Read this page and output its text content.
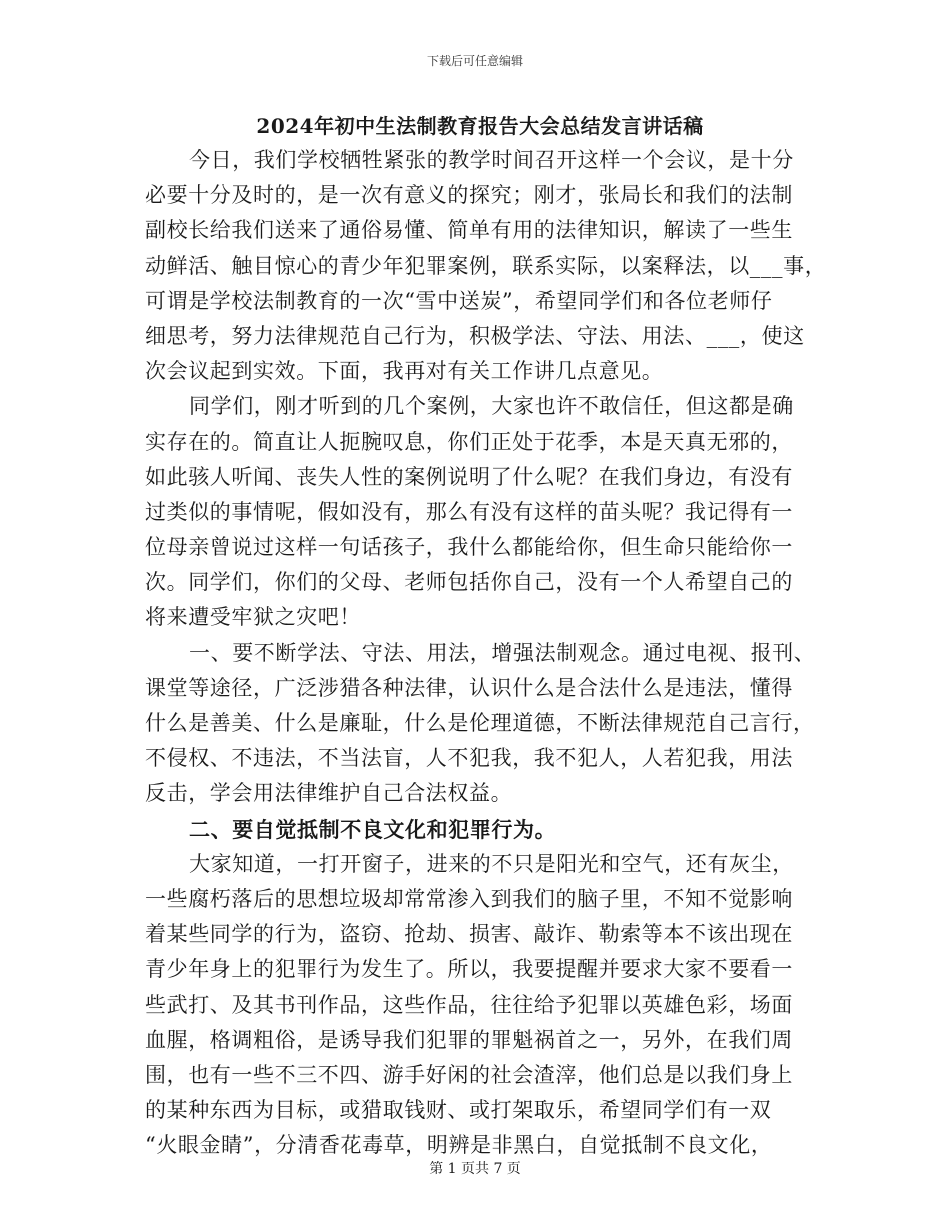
下载后可任意编辑

2024年初中生法制教育报告大会总结发言讲话稿
今日，我们学校牺牲紧张的教学时间召开这样一个会议，是十分
必要十分及时的，是一次有意义的探究；刚才，张局长和我们的法制
副校长给我们送来了通俗易懂、简单有用的法律知识，解读了一些生
动鲜活、触目惊心的青少年犯罪案例，联系实际，以案释法，以___事，
可谓是学校法制教育的一次“雪中送炭”，希望同学们和各位老师仔
细思考，努力法律规范自己行为，积极学法、守法、用法、___，使这
次会议起到实效。下面，我再对有关工作讲几点意见。
同学们，刚才听到的几个案例，大家也许不敢信任，但这都是确
实存在的。简直让人扼腕叹息，你们正处于花季，本是天真无邪的，
如此骇人听闻、丧失人性的案例说明了什么呢？在我们身边，有没有
过类似的事情呢，假如没有，那么有没有这样的苗头呢？我记得有一
位母亲曾说过这样一句话孩子，我什么都能给你，但生命只能给你一
次。同学们，你们的父母、老师包括你自己，没有一个人希望自己的
将来遭受牢狱之灾吧！
一、要不断学法、守法、用法，增强法制观念。通过电视、报刊、
课堂等途径，广泛涉猎各种法律，认识什么是合法什么是违法，懂得
什么是善美、什么是廉耻，什么是伦理道德，不断法律规范自己言行，
不侵权、不违法，不当法盲，人不犯我，我不犯人，人若犯我，用法
反击，学会用法律维护自己合法权益。
二、要自觉抵制不良文化和犯罪行为。
大家知道，一打开窗子，进来的不只是阳光和空气，还有灰尘，
一些腐朽落后的思想垃圾却常常渗入到我们的脑子里，不知不觉影响
着某些同学的行为，盗窃、抢劫、损害、敲诈、勒索等本不该出现在
青少年身上的犯罪行为发生了。所以，我要提醒并要求大家不要看一
些武打、及其书刊作品，这些作品，往往给予犯罪以英雄色彩，场面
血腥，格调粗俗，是诱导我们犯罪的罪魁祸首之一，另外，在我们周
围，也有一些不三不四、游手好闲的社会渣滓，他们总是以我们身上
的某种东西为目标，或猎取钱财、或打架取乐，希望同学们有一双
“火眼金睛”，分清香花毒草，明辨是非黑白，自觉抵制不良文化，

第 1 页共 7 页
